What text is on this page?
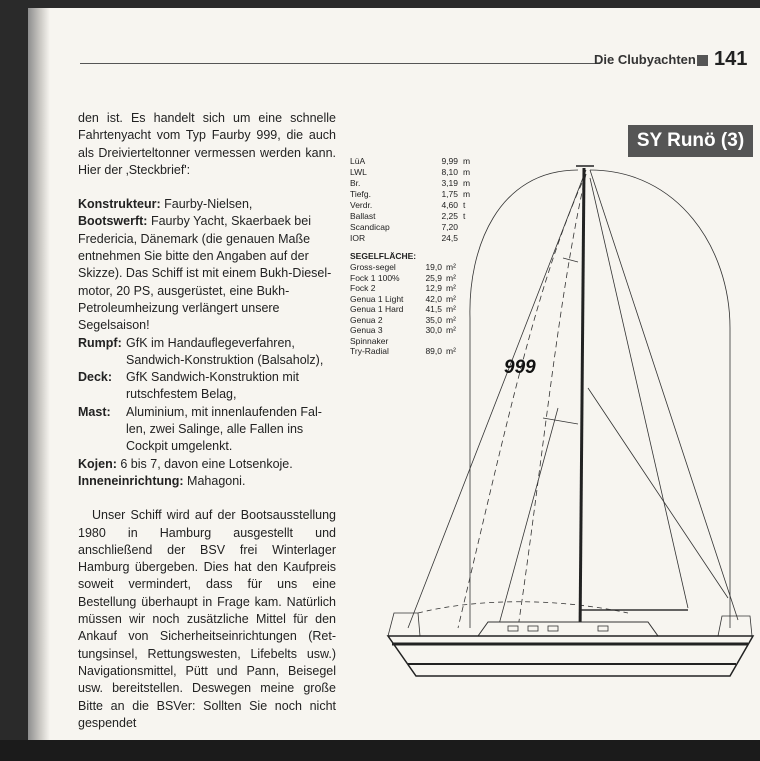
Die Clubyachten 141
SY Runö (3)

den ist. Es handelt sich um eine schnelle Fahrtenyacht vom Typ Faurby 999, die auch als Dreivierteltonner vermessen werden kann. Hier der ‚Steckbrief':

Konstrukteur: Faurby-Nielsen,
Bootswerft: Faurby Yacht, Skaerbaek bei Fredericia, Dänemark (die genauen Maße entnehmen Sie bitte den Angaben auf der Skizze). Das Schiff ist mit einem Bukh-Dieselmotor, 20 PS, ausgerüstet, eine Bukh-Petroleumheizung verlängert unsere Segelsaison!
Rumpf: GfK im Handauflegeverfahren, Sandwich-Konstruktion (Balsaholz),
Deck: GfK Sandwich-Konstruktion mit rutschfestem Belag,
Mast: Aluminium, mit innenlaufenden Fallen, zwei Salinge, alle Fallen ins Cockpit umgelenkt.
Kojen: 6 bis 7, davon eine Lotsenkoje.
Inneneinrichtung: Mahagoni.

Unser Schiff wird auf der Bootsausstellung 1980 in Hamburg ausgestellt und anschließend der BSV frei Winterlager Hamburg übergeben. Dies hat den Kaufpreis soweit vermindert, dass für uns eine Bestellung überhaupt in Frage kam. Natürlich müssen wir noch zusätzliche Mittel für den Ankauf von Sicherheitseinrichtungen (Rettungsinsel, Rettungswesten, Lifebelts usw.) Navigationsmittel, Pütt und Pann, Beisegel usw. bereitstellen. Deswegen meine große Bitte an die BSVer: Sollten Sie noch nicht gespendet

999
LüA	9,99 m
LWL	8,10 m
Br.	3,19 m
Tiefg.	1,75 m
Verdr.	4,60 t
Ballast	2,25 t
Scandicap	7,20
IOR	24,5
SEGELFLÄCHE:
Gross-segel	19,0 m²
Fock 1 100%	25,9 m²
Fock 2	12,9 m²
Genua 1 Light	42,0 m²
Genua 1 Hard	41,5 m²
Genua 2	35,0 m²
Genua 3	30,0 m²
Spinnaker
Try-Radial	89,0 m²
